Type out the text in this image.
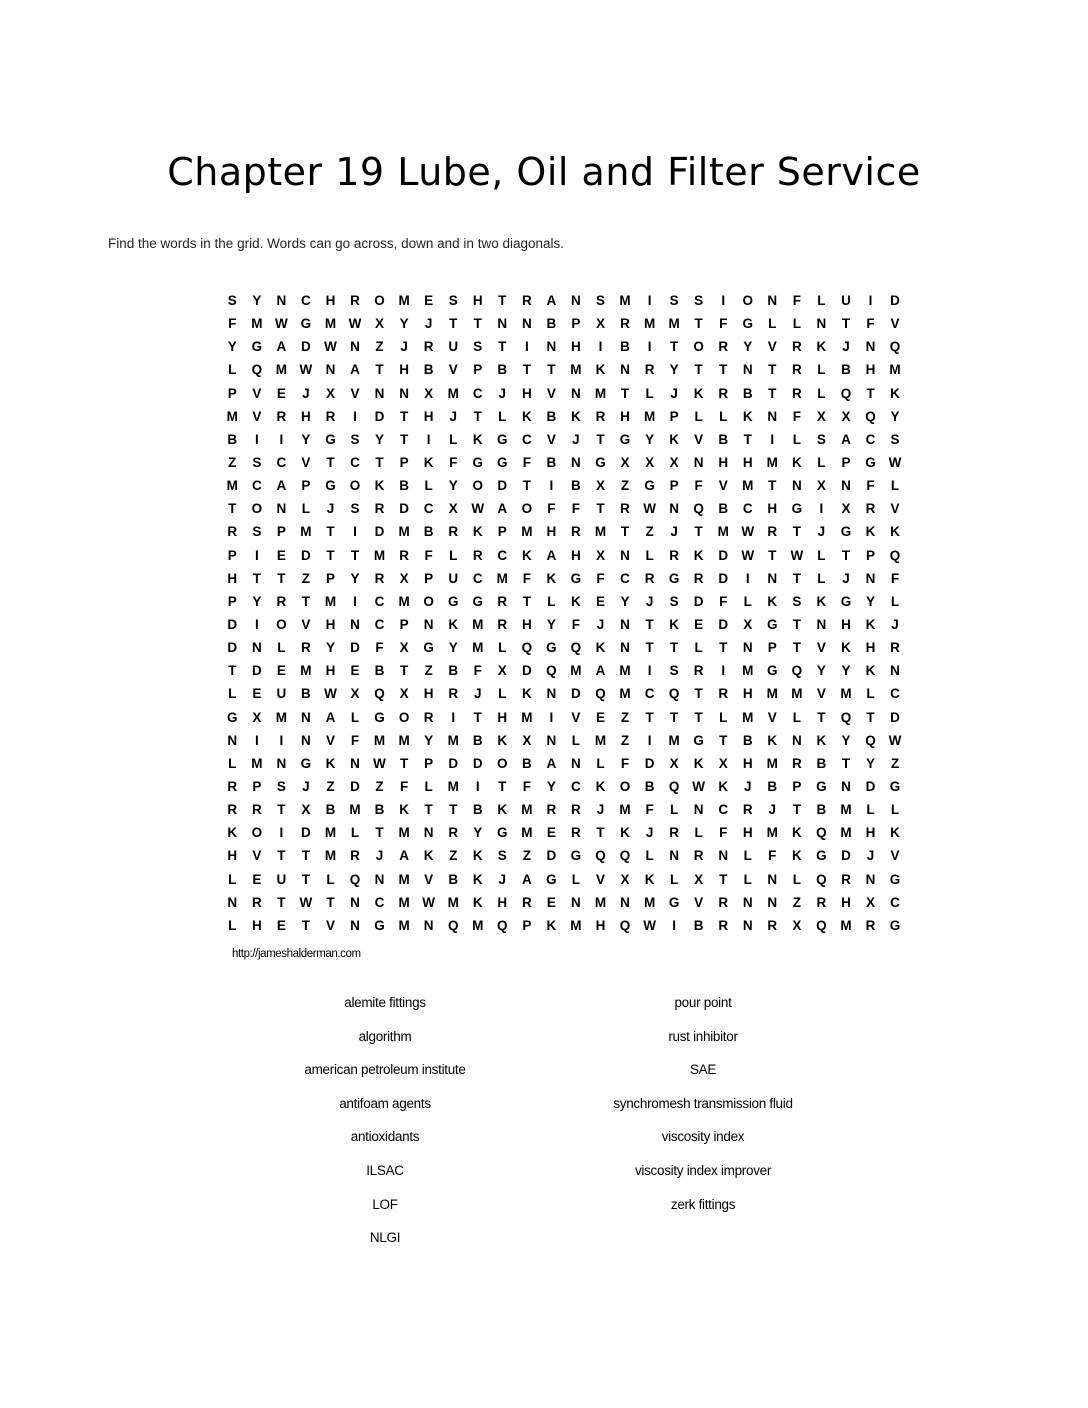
Chapter 19 Lube, Oil and Filter Service
Find the words in the grid. Words can go across, down and in two diagonals.
S	Y	N	C	H	R	O	M	E	S	H	T	R	A	N	S	M	I	S	S	I	O	N	F	L	U	I	D
F	M W G	M W	X	Y	J	T	T	N	N	B	P	X	R	M M	T	F	G	L	L	N	T	F	V
Y	G	A	D W N	Z	J	R	U	S	T	I	N	H	I	B	I	T	O	R	Y	V	R	K	J	N	Q
L	Q	M W N	A	T	H	B	V	P	B	T	T	M	K	N	R	Y	T	T	N	T	R	L	B	H	M
P	V	E	J	X	V	N	N	X	M	C	J	H	V	N	M	T	L	J	K	R	B	T	R	L	Q	T	K
M	V	R	H	R	I	D	T	H	J	T	L	K	B	K	R	H	M	P	L	L	K	N	F	X	X	Q	Y
B	I	I	Y	G	S	Y	T	I	L	K	G	C	V	J	T	G	Y	K	V	B	T	I	L	S	A	C	S
Z	S	C	V	T	C	T	P	K	F	G	G	F	B	N	G	X	X	X	N	H	H	M	K	L	P	G W
M	C	A	P	G	O	K	B	L	Y	O	D	T	I	B	X	Z	G	P	F	V	M	T	N	X	N	F	L
T	O	N	L	J	S	R	D	C	X	W A	O	F	F	T	R W N	Q	B	C	H	G	I	X	R	V
R	S	P	M	T	I	D	M	B	R	K	P	M	H	R	M	T	Z	J	T	M W R	T	J	G	K	K
P	I	E	D	T	T	M	R	F	L	R	C	K	A	H	X	N	L	R	K	D W	T	W	L	T	P	Q
H	T	T	Z	P	Y	R	X	P	U	C	M	F	K	G	F	C	R	G	R	D	I	N	T	L	J	N	F
P	Y	R	T	M	I	C	M	O	G	G	R	T	L	K	E	Y	J	S	D	F	L	K	S	K	G	Y	L
D	I	O	V	H	N	C	P	N	K	M	R	H	Y	F	J	N	T	K	E	D	X	G	T	N	H	K	J
D	N	L	R	Y	D	F	X	G	Y	M	L	Q	G	Q	K	N	T	T	L	T	N	P	T	V	K	H	R
T	D	E	M	H	E	B	T	Z	B	F	X	D	Q	M	A	M	I	S	R	I	M	G	Q	Y	Y	K	N
L	E	U	B W	X	Q	X	H	R	J	L	K	N	D	Q	M	C	Q	T	R	H	M M	V	M	L	C
G	X	M	N	A	L	G	O	R	I	T	H	M	I	V	E	Z	T	T	T	L	M	V	L	T	Q	T	D
N	I	I	N	V	F	M M	Y	M	B	K	X	N	L	M	Z	I	M	G	T	B	K	N	K	Y	Q W
L	M	N	G	K	N W	T	P	D	D	O	B	A	N	L	F	D	X	K	X	H	M	R	B	T	Y	Z
R	P	S	J	Z	D	Z	F	L	M	I	T	F	Y	C	K	O	B	Q W K	J	B	P	G	N	D	G
R	R	T	X	B	M	B	K	T	T	B	K	M	R	R	J	M	F	L	N	C	R	J	T	B	M	L	L
K	O	I	D	M	L	T	M	N	R	Y	G	M	E	R	T	K	J	R	L	F	H	M	K	Q	M	H	K
H	V	T	T	M	R	J	A	K	Z	K	S	Z	D	G	Q	Q	L	N	R	N	L	F	K	G	D	J	V
L	E	U	T	L	Q	N	M	V	B	K	J	A	G	L	V	X	K	L	X	T	L	N	L	Q	R	N	G
N	R	T	W	T	N	C	M W M	K	H	R	E	N	M	N	M	G	V	R	N	N	Z	R	H	X	C
L	H	E	T	V	N	G	M	N	Q	M	Q	P	K	M	H	Q W	I	B	R	N	R	X	Q	M	R	G
http://jameshalderman.com
alemite fittings
algorithm
american petroleum institute
antifoam agents
antioxidants
ILSAC
LOF
NLGI
pour point
rust inhibitor
SAE
synchromesh transmission fluid
viscosity index
viscosity index improver
zerk fittings
